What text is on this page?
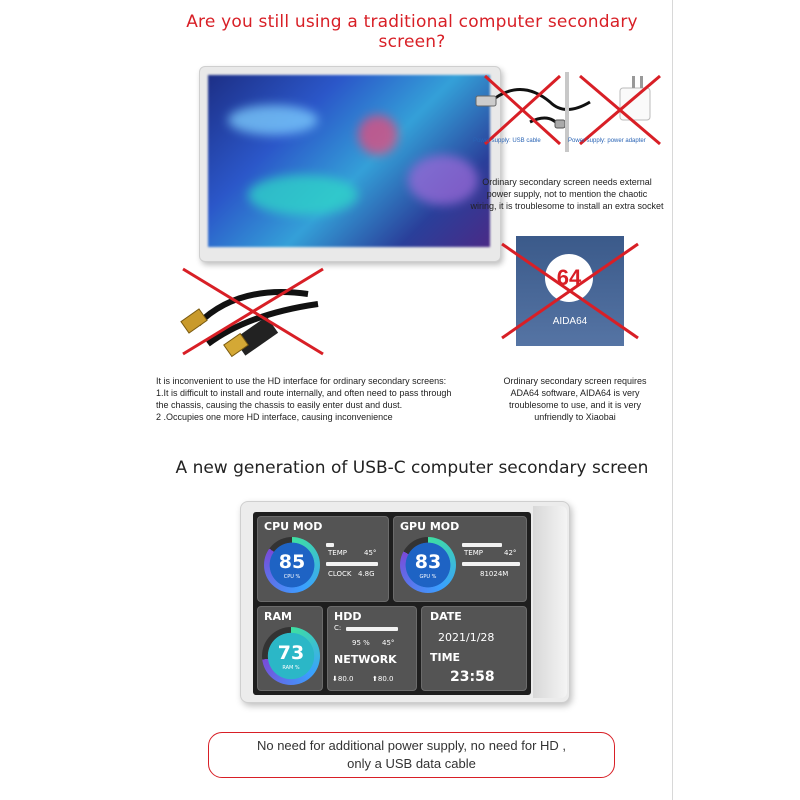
Are you still using a traditional computer secondary screen?
Power supply: USB cable	Power supply: power adapter
Ordinary secondary screen needs external
power supply, not to mention the chaotic
wiring, it is troublesome to install an extra socket
64
AIDA64
It is inconvenient to use the HD interface for ordinary secondary screens:
1.It is difficult to install and route internally, and often need to pass through
the chassis, causing the chassis to easily enter dust and dust.
2 .Occupies one more HD interface, causing inconvenience
Ordinary secondary screen requires
ADA64 software, AIDA64 is very
troublesome to use, and it is very
unfriendly to Xiaobai
A new generation of USB-C computer secondary screen
CPU MOD
85
CPU %
TEMP 45°
CLOCK 4.8G
GPU MOD
83
GPU %
TEMP	42°
81024M
RAM
73
RAM %
HDD
C:
95 % 45°
NETWORK
⬇80.0	⬆80.0
DATE
2021/1/28
TIME
23:58
No need for additional power supply, no need for HD ,
only a USB data cable
